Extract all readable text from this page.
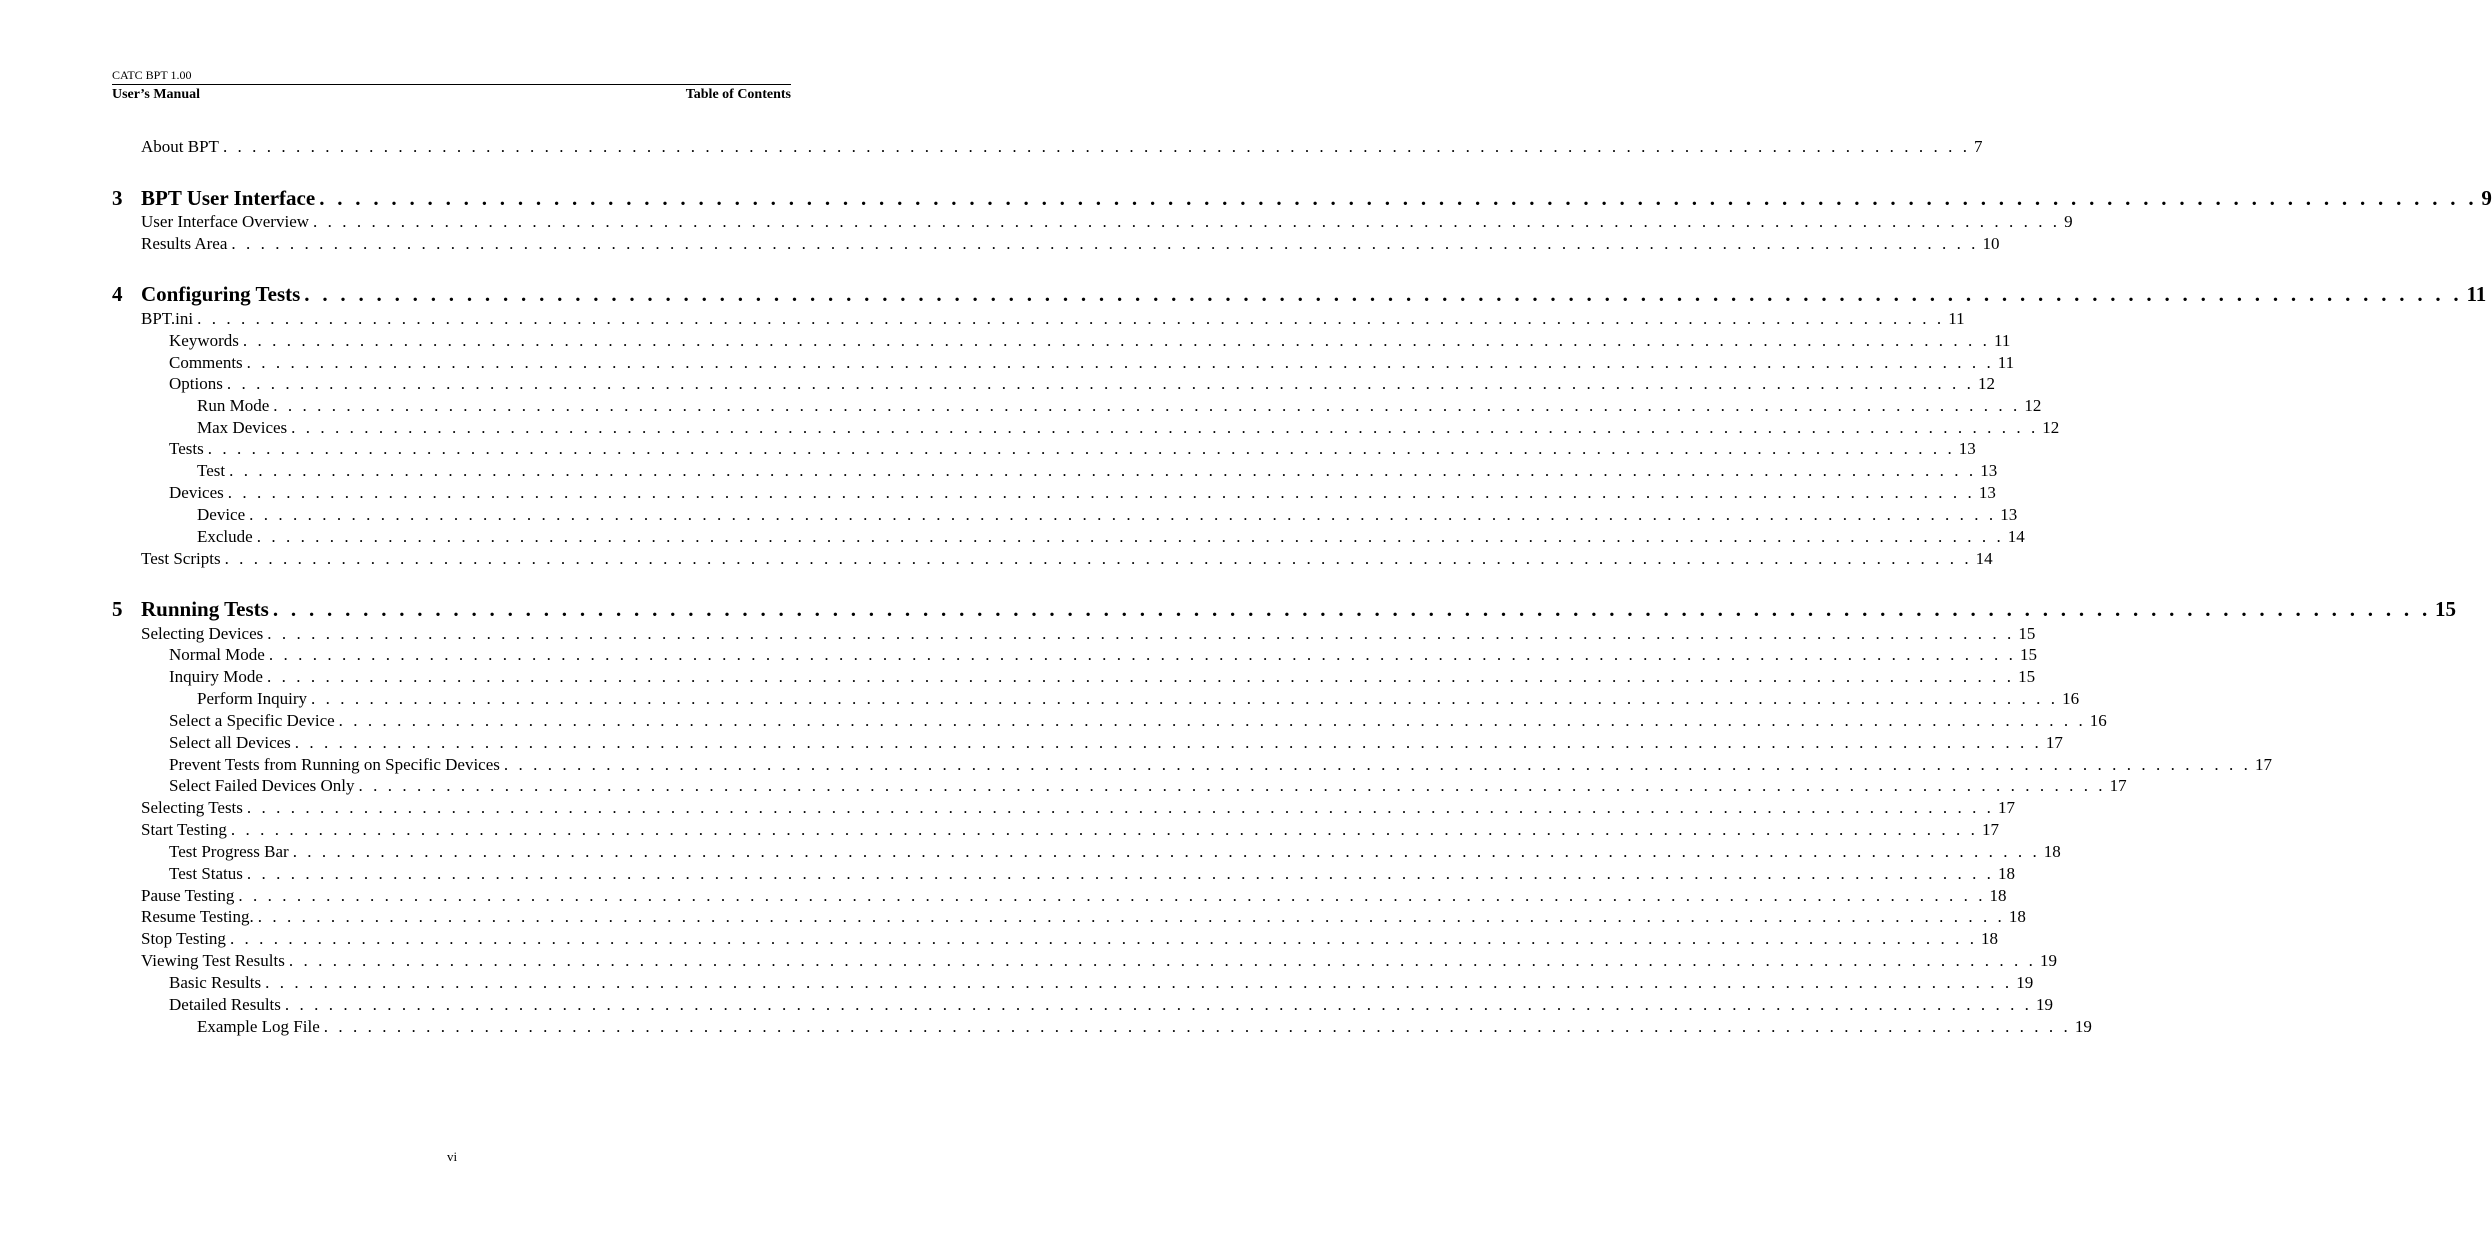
CATC BPT 1.00
User’s Manual	Table of Contents
About BPT . . . . . . . . . . . . . . . . . . . . . . . . . . . . . . . . . . . . . . . . . . . . . . . . . . . . . . . . . . . . . . . . . . . . . . . . . . . . . . . . . . . . . . . . . . . . . . . . . . . . . . . . . . . . . . . . . . . . . . . . 7
3 BPT User Interface . . . . . . . . . . . . . . . . . . . . . . . . . . . . . . . . . . . . . . . . . . . . . . . . . . . . . . . . . . . . . . . . . . . . . . . . . . . . . . . . . . . . . . . . . . . . . . . . . . . . . . . . . . . . . . . . . . . . . . . . 9
User Interface Overview . . . . . . . . . . . . . . . . . . . . . . . . . . . . . . . . . . . . . . . . . . . . . . . . . . . . . . . . . . . . . . . . . . . . . . . . . . . . . . . . . . . . . . . . . . . . . . . . . . . . . . . . . . . . . . . . . . . . . . . . 9
Results Area . . . . . . . . . . . . . . . . . . . . . . . . . . . . . . . . . . . . . . . . . . . . . . . . . . . . . . . . . . . . . . . . . . . . . . . . . . . . . . . . . . . . . . . . . . . . . . . . . . . . . . . . . . . . . . . . . . . . . . . . 10
4 Configuring Tests . . . . . . . . . . . . . . . . . . . . . . . . . . . . . . . . . . . . . . . . . . . . . . . . . . . . . . . . . . . . . . . . . . . . . . . . . . . . . . . . . . . . . . . . . . . . . . . . . . . . . . . . . . . . . . . . . . . . . . . . 11
BPT.ini . . . . . . . . . . . . . . . . . . . . . . . . . . . . . . . . . . . . . . . . . . . . . . . . . . . . . . . . . . . . . . . . . . . . . . . . . . . . . . . . . . . . . . . . . . . . . . . . . . . . . . . . . . . . . . . . . . . . . . . . 11
Keywords . . . . . . . . . . . . . . . . . . . . . . . . . . . . . . . . . . . . . . . . . . . . . . . . . . . . . . . . . . . . . . . . . . . . . . . . . . . . . . . . . . . . . . . . . . . . . . . . . . . . . . . . . . . . . . . . . . . . . . . . 11
Comments . . . . . . . . . . . . . . . . . . . . . . . . . . . . . . . . . . . . . . . . . . . . . . . . . . . . . . . . . . . . . . . . . . . . . . . . . . . . . . . . . . . . . . . . . . . . . . . . . . . . . . . . . . . . . . . . . . . . . . . . 11
Options . . . . . . . . . . . . . . . . . . . . . . . . . . . . . . . . . . . . . . . . . . . . . . . . . . . . . . . . . . . . . . . . . . . . . . . . . . . . . . . . . . . . . . . . . . . . . . . . . . . . . . . . . . . . . . . . . . . . . . . . 12
Run Mode . . . . . . . . . . . . . . . . . . . . . . . . . . . . . . . . . . . . . . . . . . . . . . . . . . . . . . . . . . . . . . . . . . . . . . . . . . . . . . . . . . . . . . . . . . . . . . . . . . . . . . . . . . . . . . . . . . . . . . . . 12
Max Devices . . . . . . . . . . . . . . . . . . . . . . . . . . . . . . . . . . . . . . . . . . . . . . . . . . . . . . . . . . . . . . . . . . . . . . . . . . . . . . . . . . . . . . . . . . . . . . . . . . . . . . . . . . . . . . . . . . . . . . . . 12
Tests . . . . . . . . . . . . . . . . . . . . . . . . . . . . . . . . . . . . . . . . . . . . . . . . . . . . . . . . . . . . . . . . . . . . . . . . . . . . . . . . . . . . . . . . . . . . . . . . . . . . . . . . . . . . . . . . . . . . . . . . 13
Test . . . . . . . . . . . . . . . . . . . . . . . . . . . . . . . . . . . . . . . . . . . . . . . . . . . . . . . . . . . . . . . . . . . . . . . . . . . . . . . . . . . . . . . . . . . . . . . . . . . . . . . . . . . . . . . . . . . . . . . . 13
Devices . . . . . . . . . . . . . . . . . . . . . . . . . . . . . . . . . . . . . . . . . . . . . . . . . . . . . . . . . . . . . . . . . . . . . . . . . . . . . . . . . . . . . . . . . . . . . . . . . . . . . . . . . . . . . . . . . . . . . . . . 13
Device . . . . . . . . . . . . . . . . . . . . . . . . . . . . . . . . . . . . . . . . . . . . . . . . . . . . . . . . . . . . . . . . . . . . . . . . . . . . . . . . . . . . . . . . . . . . . . . . . . . . . . . . . . . . . . . . . . . . . . . . 13
Exclude . . . . . . . . . . . . . . . . . . . . . . . . . . . . . . . . . . . . . . . . . . . . . . . . . . . . . . . . . . . . . . . . . . . . . . . . . . . . . . . . . . . . . . . . . . . . . . . . . . . . . . . . . . . . . . . . . . . . . . . . 14
Test Scripts . . . . . . . . . . . . . . . . . . . . . . . . . . . . . . . . . . . . . . . . . . . . . . . . . . . . . . . . . . . . . . . . . . . . . . . . . . . . . . . . . . . . . . . . . . . . . . . . . . . . . . . . . . . . . . . . . . . . . . . . 14
5 Running Tests . . . . . . . . . . . . . . . . . . . . . . . . . . . . . . . . . . . . . . . . . . . . . . . . . . . . . . . . . . . . . . . . . . . . . . . . . . . . . . . . . . . . . . . . . . . . . . . . . . . . . . . . . . . . . . . . . . . . . . . . 15
Selecting Devices . . . . . . . . . . . . . . . . . . . . . . . . . . . . . . . . . . . . . . . . . . . . . . . . . . . . . . . . . . . . . . . . . . . . . . . . . . . . . . . . . . . . . . . . . . . . . . . . . . . . . . . . . . . . . . . . . . . . . . . . 15
Normal Mode . . . . . . . . . . . . . . . . . . . . . . . . . . . . . . . . . . . . . . . . . . . . . . . . . . . . . . . . . . . . . . . . . . . . . . . . . . . . . . . . . . . . . . . . . . . . . . . . . . . . . . . . . . . . . . . . . . . . . . . . 15
Inquiry Mode . . . . . . . . . . . . . . . . . . . . . . . . . . . . . . . . . . . . . . . . . . . . . . . . . . . . . . . . . . . . . . . . . . . . . . . . . . . . . . . . . . . . . . . . . . . . . . . . . . . . . . . . . . . . . . . . . . . . . . . . 15
Perform Inquiry . . . . . . . . . . . . . . . . . . . . . . . . . . . . . . . . . . . . . . . . . . . . . . . . . . . . . . . . . . . . . . . . . . . . . . . . . . . . . . . . . . . . . . . . . . . . . . . . . . . . . . . . . . . . . . . . . . . . . . . . 16
Select a Specific Device . . . . . . . . . . . . . . . . . . . . . . . . . . . . . . . . . . . . . . . . . . . . . . . . . . . . . . . . . . . . . . . . . . . . . . . . . . . . . . . . . . . . . . . . . . . . . . . . . . . . . . . . . . . . . . . . . . . . . . . . 16
Select all Devices . . . . . . . . . . . . . . . . . . . . . . . . . . . . . . . . . . . . . . . . . . . . . . . . . . . . . . . . . . . . . . . . . . . . . . . . . . . . . . . . . . . . . . . . . . . . . . . . . . . . . . . . . . . . . . . . . . . . . . . . 17
Prevent Tests from Running on Specific Devices . . . . . . . . . . . . . . . . . . . . . . . . . . . . . . . . . . . . . . . . . . . . . . . . . . . . . . . . . . . . . . . . . . . . . . . . . . . . . . . . . . . . . . . . . . . . . . . . . . . . . . . . . . . . . . . . . . . . . . . . 17
Select Failed Devices Only . . . . . . . . . . . . . . . . . . . . . . . . . . . . . . . . . . . . . . . . . . . . . . . . . . . . . . . . . . . . . . . . . . . . . . . . . . . . . . . . . . . . . . . . . . . . . . . . . . . . . . . . . . . . . . . . . . . . . . . . 17
Selecting Tests . . . . . . . . . . . . . . . . . . . . . . . . . . . . . . . . . . . . . . . . . . . . . . . . . . . . . . . . . . . . . . . . . . . . . . . . . . . . . . . . . . . . . . . . . . . . . . . . . . . . . . . . . . . . . . . . . . . . . . . . 17
Start Testing . . . . . . . . . . . . . . . . . . . . . . . . . . . . . . . . . . . . . . . . . . . . . . . . . . . . . . . . . . . . . . . . . . . . . . . . . . . . . . . . . . . . . . . . . . . . . . . . . . . . . . . . . . . . . . . . . . . . . . . . 17
Test Progress Bar . . . . . . . . . . . . . . . . . . . . . . . . . . . . . . . . . . . . . . . . . . . . . . . . . . . . . . . . . . . . . . . . . . . . . . . . . . . . . . . . . . . . . . . . . . . . . . . . . . . . . . . . . . . . . . . . . . . . . . . . 18
Test Status . . . . . . . . . . . . . . . . . . . . . . . . . . . . . . . . . . . . . . . . . . . . . . . . . . . . . . . . . . . . . . . . . . . . . . . . . . . . . . . . . . . . . . . . . . . . . . . . . . . . . . . . . . . . . . . . . . . . . . . . 18
Pause Testing . . . . . . . . . . . . . . . . . . . . . . . . . . . . . . . . . . . . . . . . . . . . . . . . . . . . . . . . . . . . . . . . . . . . . . . . . . . . . . . . . . . . . . . . . . . . . . . . . . . . . . . . . . . . . . . . . . . . . . . . 18
Resume Testing. . . . . . . . . . . . . . . . . . . . . . . . . . . . . . . . . . . . . . . . . . . . . . . . . . . . . . . . . . . . . . . . . . . . . . . . . . . . . . . . . . . . . . . . . . . . . . . . . . . . . . . . . . . . . . . . . . . . . . . . . 18
Stop Testing . . . . . . . . . . . . . . . . . . . . . . . . . . . . . . . . . . . . . . . . . . . . . . . . . . . . . . . . . . . . . . . . . . . . . . . . . . . . . . . . . . . . . . . . . . . . . . . . . . . . . . . . . . . . . . . . . . . . . . . . 18
Viewing Test Results . . . . . . . . . . . . . . . . . . . . . . . . . . . . . . . . . . . . . . . . . . . . . . . . . . . . . . . . . . . . . . . . . . . . . . . . . . . . . . . . . . . . . . . . . . . . . . . . . . . . . . . . . . . . . . . . . . . . . . . . 19
Basic Results . . . . . . . . . . . . . . . . . . . . . . . . . . . . . . . . . . . . . . . . . . . . . . . . . . . . . . . . . . . . . . . . . . . . . . . . . . . . . . . . . . . . . . . . . . . . . . . . . . . . . . . . . . . . . . . . . . . . . . . . 19
Detailed Results . . . . . . . . . . . . . . . . . . . . . . . . . . . . . . . . . . . . . . . . . . . . . . . . . . . . . . . . . . . . . . . . . . . . . . . . . . . . . . . . . . . . . . . . . . . . . . . . . . . . . . . . . . . . . . . . . . . . . . . . 19
Example Log File . . . . . . . . . . . . . . . . . . . . . . . . . . . . . . . . . . . . . . . . . . . . . . . . . . . . . . . . . . . . . . . . . . . . . . . . . . . . . . . . . . . . . . . . . . . . . . . . . . . . . . . . . . . . . . . . . . . . . . . . 19
vi
